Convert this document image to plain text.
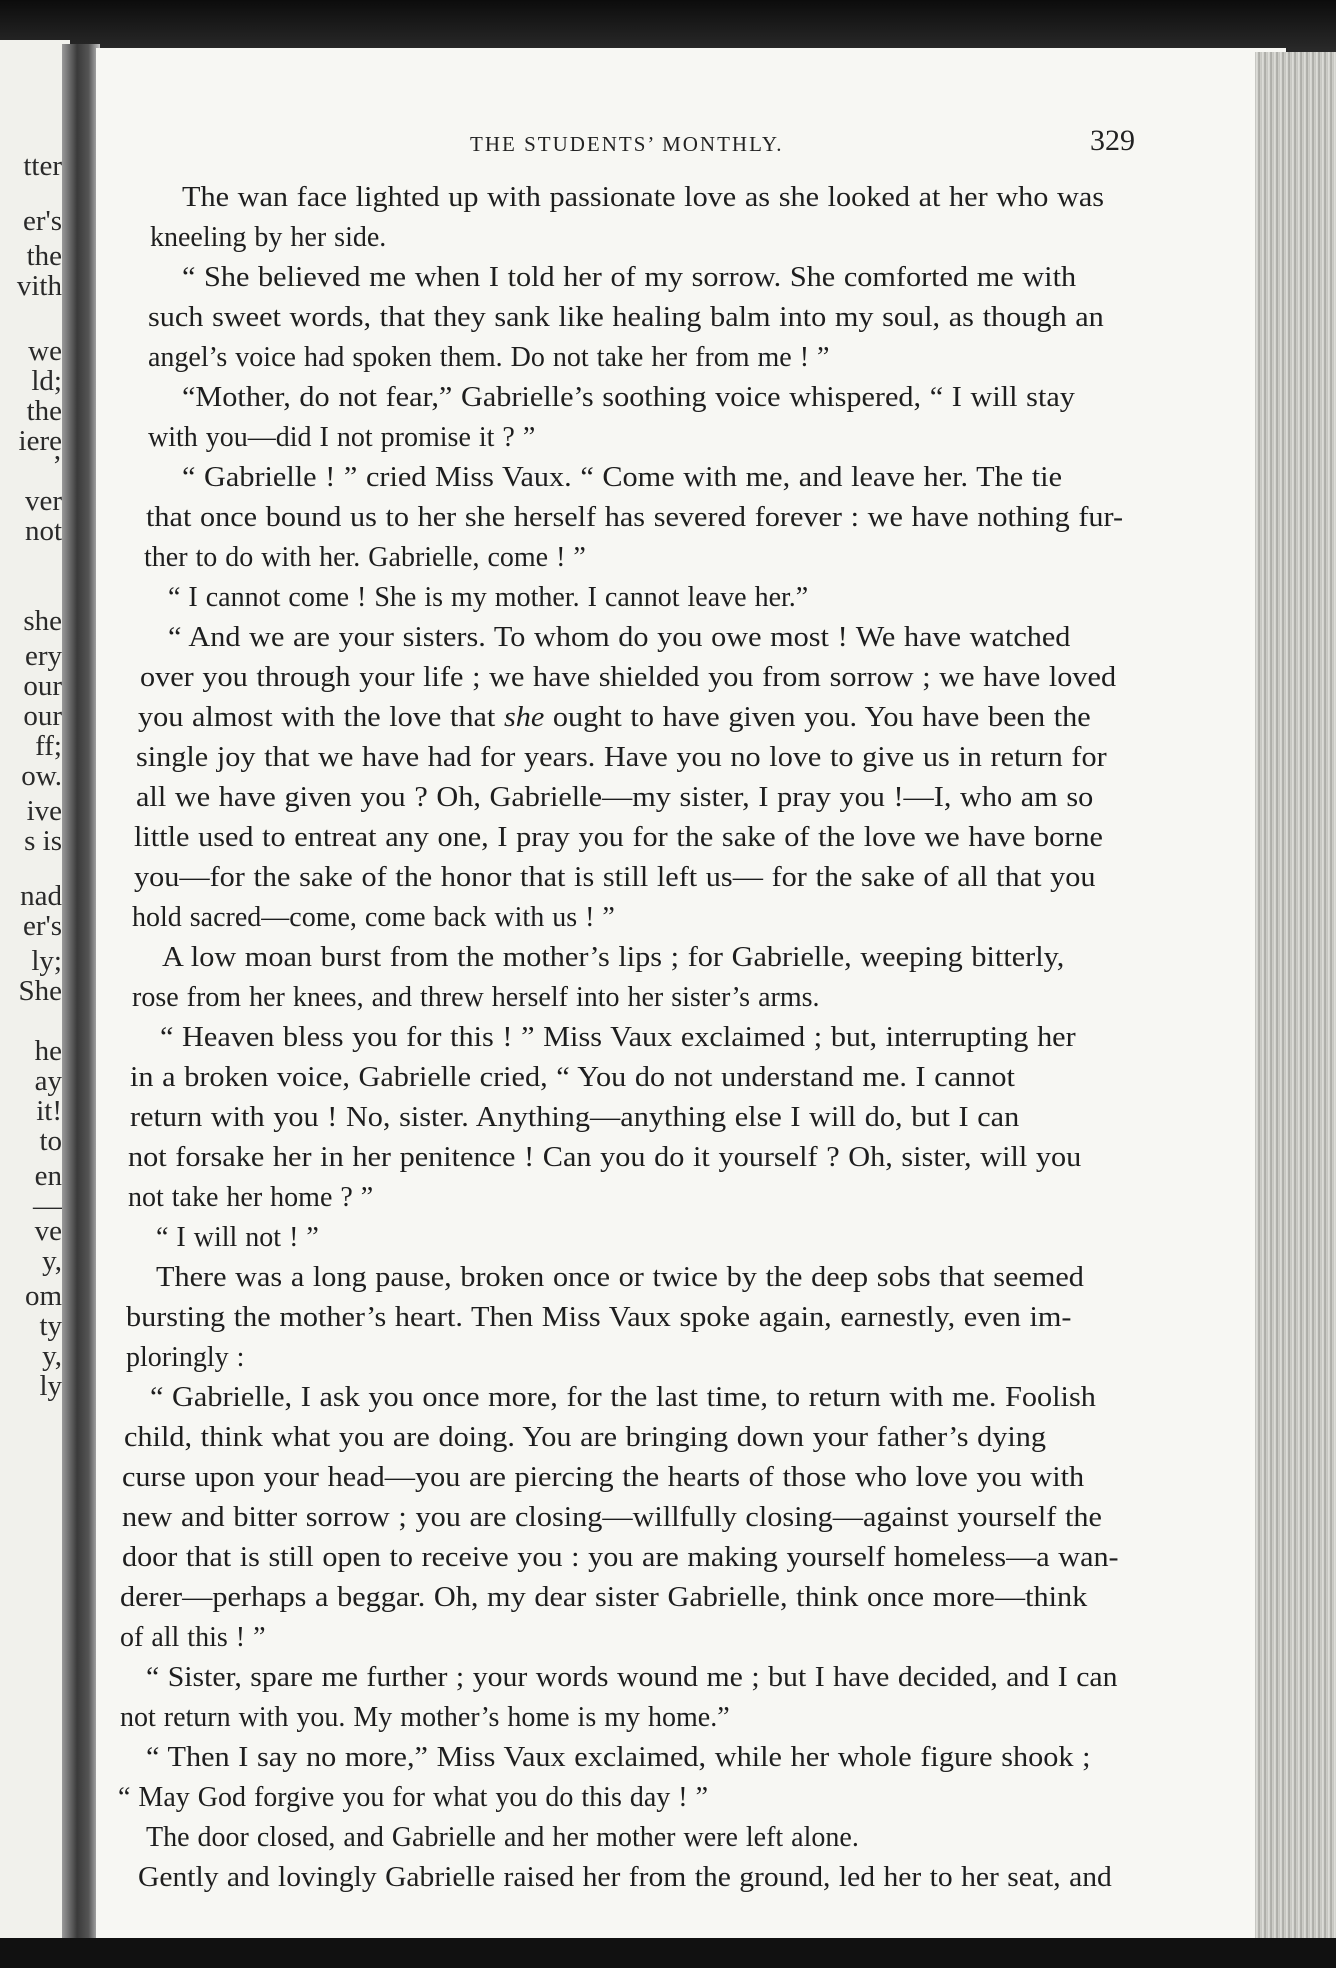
tter
er's
the
vith
we
ld;
the
iere
’
ver
not
she
ery
our
our
ff;
ow.
ive
s is
nad
er's
ly;
She
he
ay
it!
to
en
—
ve
y,
om
ty
y,
ly
THE STUDENTS’ MONTHLY.	329
The wan face lighted up with passionate love as she looked at her who was
kneeling by her side.
“ She believed me when I told her of my sorrow. She comforted me with
such sweet words, that they sank like healing balm into my soul, as though an
angel’s voice had spoken them. Do not take her from me ! ”
“Mother, do not fear,” Gabrielle’s soothing voice whispered, “ I will stay
with you—did I not promise it ? ”
“ Gabrielle ! ” cried Miss Vaux. “ Come with me, and leave her. The tie
that once bound us to her she herself has severed forever : we have nothing fur-
ther to do with her. Gabrielle, come ! ”
“ I cannot come ! She is my mother. I cannot leave her.”
“ And we are your sisters. To whom do you owe most ! We have watched
over you through your life ; we have shielded you from sorrow ; we have loved
you almost with the love that she ought to have given you. You have been the
single joy that we have had for years. Have you no love to give us in return for
all we have given you ? Oh, Gabrielle—my sister, I pray you !—I, who am so
little used to entreat any one, I pray you for the sake of the love we have borne
you—for the sake of the honor that is still left us— for the sake of all that you
hold sacred—come, come back with us ! ”
A low moan burst from the mother’s lips ; for Gabrielle, weeping bitterly,
rose from her knees, and threw herself into her sister’s arms.
“ Heaven bless you for this ! ” Miss Vaux exclaimed ; but, interrupting her
in a broken voice, Gabrielle cried, “ You do not understand me. I cannot
return with you ! No, sister. Anything—anything else I will do, but I can
not forsake her in her penitence ! Can you do it yourself ? Oh, sister, will you
not take her home ? ”
“ I will not ! ”
There was a long pause, broken once or twice by the deep sobs that seemed
bursting the mother’s heart. Then Miss Vaux spoke again, earnestly, even im-
ploringly :
“ Gabrielle, I ask you once more, for the last time, to return with me. Foolish
child, think what you are doing. You are bringing down your father’s dying
curse upon your head—you are piercing the hearts of those who love you with
new and bitter sorrow ; you are closing—willfully closing—against yourself the
door that is still open to receive you : you are making yourself homeless—a wan-
derer—perhaps a beggar. Oh, my dear sister Gabrielle, think once more—think
of all this ! ”
“ Sister, spare me further ; your words wound me ; but I have decided, and I can
not return with you. My mother’s home is my home.”
“ Then I say no more,” Miss Vaux exclaimed, while her whole figure shook ;
“ May God forgive you for what you do this day ! ”
The door closed, and Gabrielle and her mother were left alone.
Gently and lovingly Gabrielle raised her from the ground, led her to her seat, and
